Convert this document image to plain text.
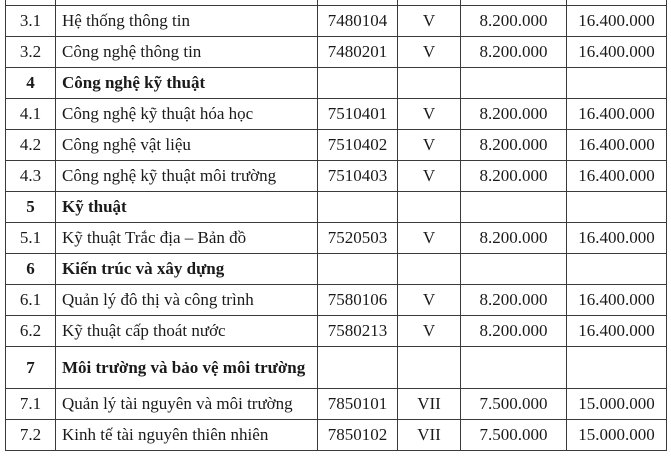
3.1	Hệ thống thông tin	7480104	V	8.200.000	16.400.000
3.2	Công nghệ thông tin	7480201	V	8.200.000	16.400.000
4	Công nghệ kỹ thuật				
4.1	Công nghệ kỹ thuật hóa học	7510401	V	8.200.000	16.400.000
4.2	Công nghệ vật liệu	7510402	V	8.200.000	16.400.000
4.3	Công nghệ kỹ thuật môi trường	7510403	V	8.200.000	16.400.000
5	Kỹ thuật				
5.1	Kỹ thuật Trắc địa – Bản đồ	7520503	V	8.200.000	16.400.000
6	Kiến trúc và xây dựng				
6.1	Quản lý đô thị và công trình	7580106	V	8.200.000	16.400.000
6.2	Kỹ thuật cấp thoát nước	7580213	V	8.200.000	16.400.000
7	Môi trường và bảo vệ môi trường				
7.1	Quản lý tài nguyên và môi trường	7850101	VII	7.500.000	15.000.000
7.2	Kinh tế tài nguyên thiên nhiên	7850102	VII	7.500.000	15.000.000
